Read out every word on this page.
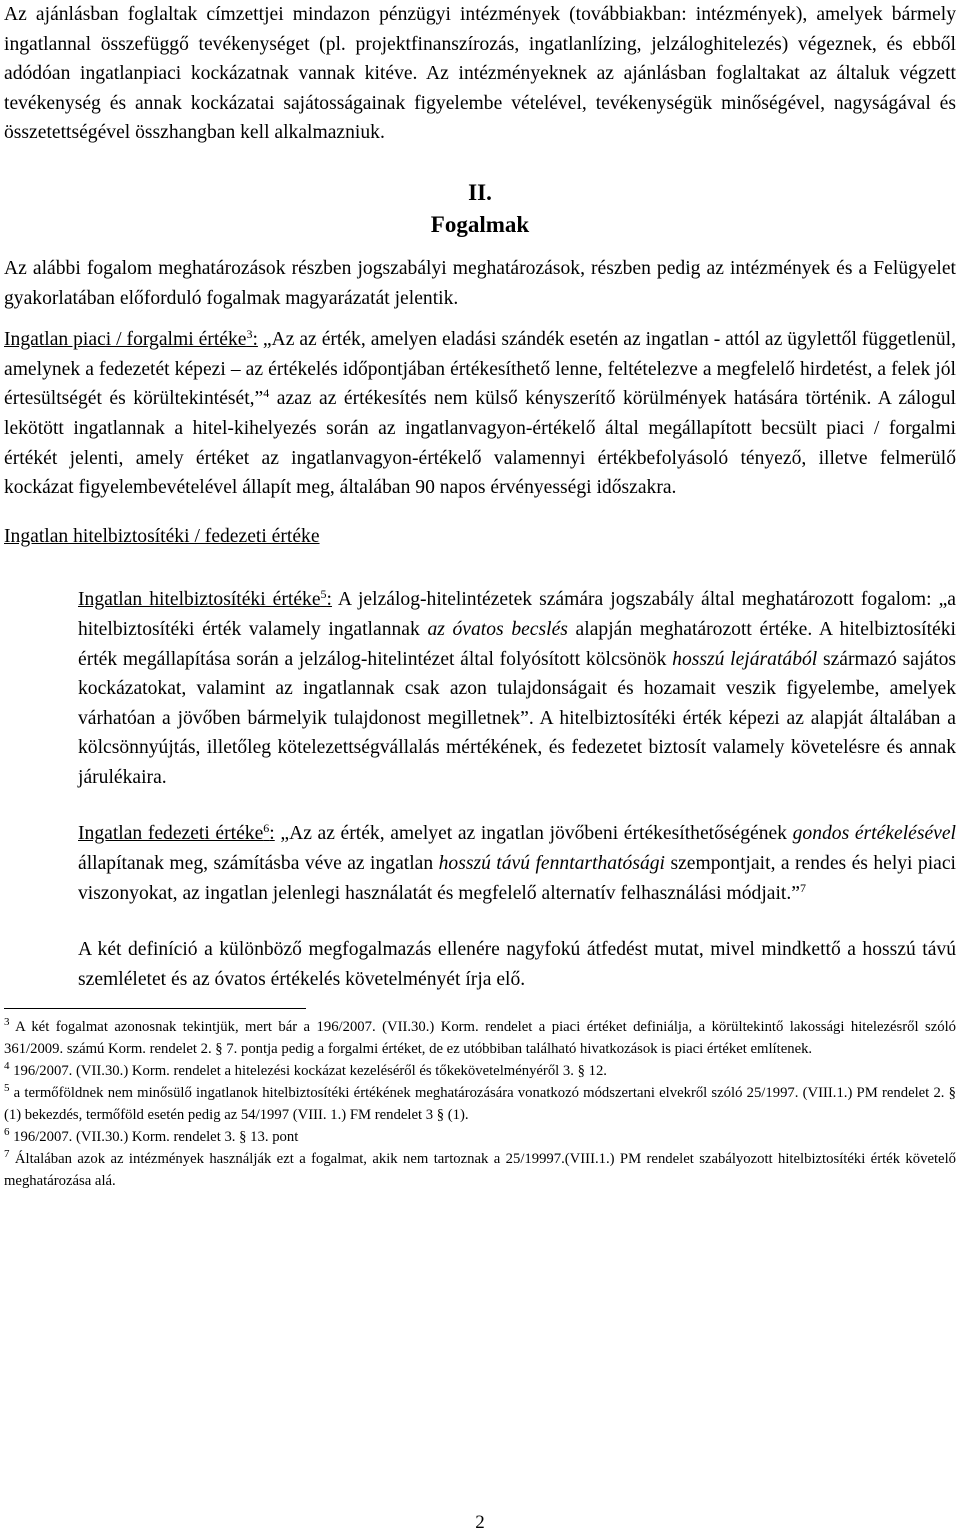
Az ajánlásban foglaltak címzettjei mindazon pénzügyi intézmények (továbbiakban: intézmények), amelyek bármely ingatlannal összefüggő tevékenységet (pl. projektfinanszírozás, ingatlanlízing, jelzáloghitelezés) végeznek, és ebből adódóan ingatlanpiaci kockázatnak vannak kitéve. Az intézményeknek az ajánlásban foglaltakat az általuk végzett tevékenység és annak kockázatai sajátosságainak figyelembe vételével, tevékenységük minőségével, nagyságával és összetettségével összhangban kell alkalmazniuk.

II.
Fogalmak

Az alábbi fogalom meghatározások részben jogszabályi meghatározások, részben pedig az intézmények és a Felügyelet gyakorlatában előforduló fogalmak magyarázatát jelentik.

Ingatlan piaci / forgalmi értéke$^3$: „Az az érték, amelyen eladási szándék esetén az ingatlan - attól az ügylettől függetlenül, amelynek a fedezetét képezi – az értékelés időpontjában értékesíthető lenne, feltételezve a megfelelő hirdetést, a felek jól értesültségét és körültekintését,”$^4$ azaz az értékesítés nem külső kényszerítő körülmények hatására történik. A zálogul lekötött ingatlannak a hitel-kihelyezés során az ingatlanvagyon-értékelő által megállapított becsült piaci / forgalmi értékét jelenti, amely értéket az ingatlanvagyon-értékelő valamennyi értékbefolyásoló tényező, illetve felmerülő kockázat figyelembevételével állapít meg, általában 90 napos érvényességi időszakra.

Ingatlan hitelbiztosítéki / fedezeti értéke

Ingatlan hitelbiztosítéki értéke$^5$: A jelzálog-hitelintézetek számára jogszabály által meghatározott fogalom: „a hitelbiztosítéki érték valamely ingatlannak az óvatos becslés alapján meghatározott értéke. A hitelbiztosítéki érték megállapítása során a jelzálog-hitelintézet által folyósított kölcsönök hosszú lejáratából származó sajátos kockázatokat, valamint az ingatlannak csak azon tulajdonságait és hozamait veszik figyelembe, amelyek várhatóan a jövőben bármelyik tulajdonost megilletnek”. A hitelbiztosítéki érték képezi az alapját általában a kölcsönnyújtás, illetőleg kötelezettségvállalás mértékének, és fedezetet biztosít valamely követelésre és annak járulékaira.

Ingatlan fedezeti értéke$^6$: „Az az érték, amelyet az ingatlan jövőbeni értékesíthetőségének gondos értékelésével állapítanak meg, számításba véve az ingatlan hosszú távú fenntarthatósági szempontjait, a rendes és helyi piaci viszonyokat, az ingatlan jelenlegi használatát és megfelelő alternatív felhasználási módjait.”$^7$

A két definíció a különböző megfogalmazás ellenére nagyfokú átfedést mutat, mivel mindkettő a hosszú távú szemléletet és az óvatos értékelés követelményét írja elő.

$^3$ A két fogalmat azonosnak tekintjük, mert bár a 196/2007. (VII.30.) Korm. rendelet a piaci értéket definiálja, a körültekintő lakossági hitelezésről szóló 361/2009. számú Korm. rendelet 2. § 7. pontja pedig a forgalmi értéket, de ez utóbbiban található hivatkozások is piaci értéket említenek.

$^4$ 196/2007. (VII.30.) Korm. rendelet a hitelezési kockázat kezeléséről és tőkekövetelményéről 3. § 12.

$^5$ a termőföldnek nem minősülő ingatlanok hitelbiztosítéki értékének meghatározására vonatkozó módszertani elvekről szóló 25/1997. (VIII.1.) PM rendelet 2. § (1) bekezdés, termőföld esetén pedig az 54/1997 (VIII. 1.) FM rendelet 3 § (1).

$^6$ 196/2007. (VII.30.) Korm. rendelet 3. § 13. pont

$^7$ Általában azok az intézmények használják ezt a fogalmat, akik nem tartoznak a 25/19997.(VIII.1.) PM rendelet szabályozott hitelbiztosítéki érték követelő meghatározása alá.

2
